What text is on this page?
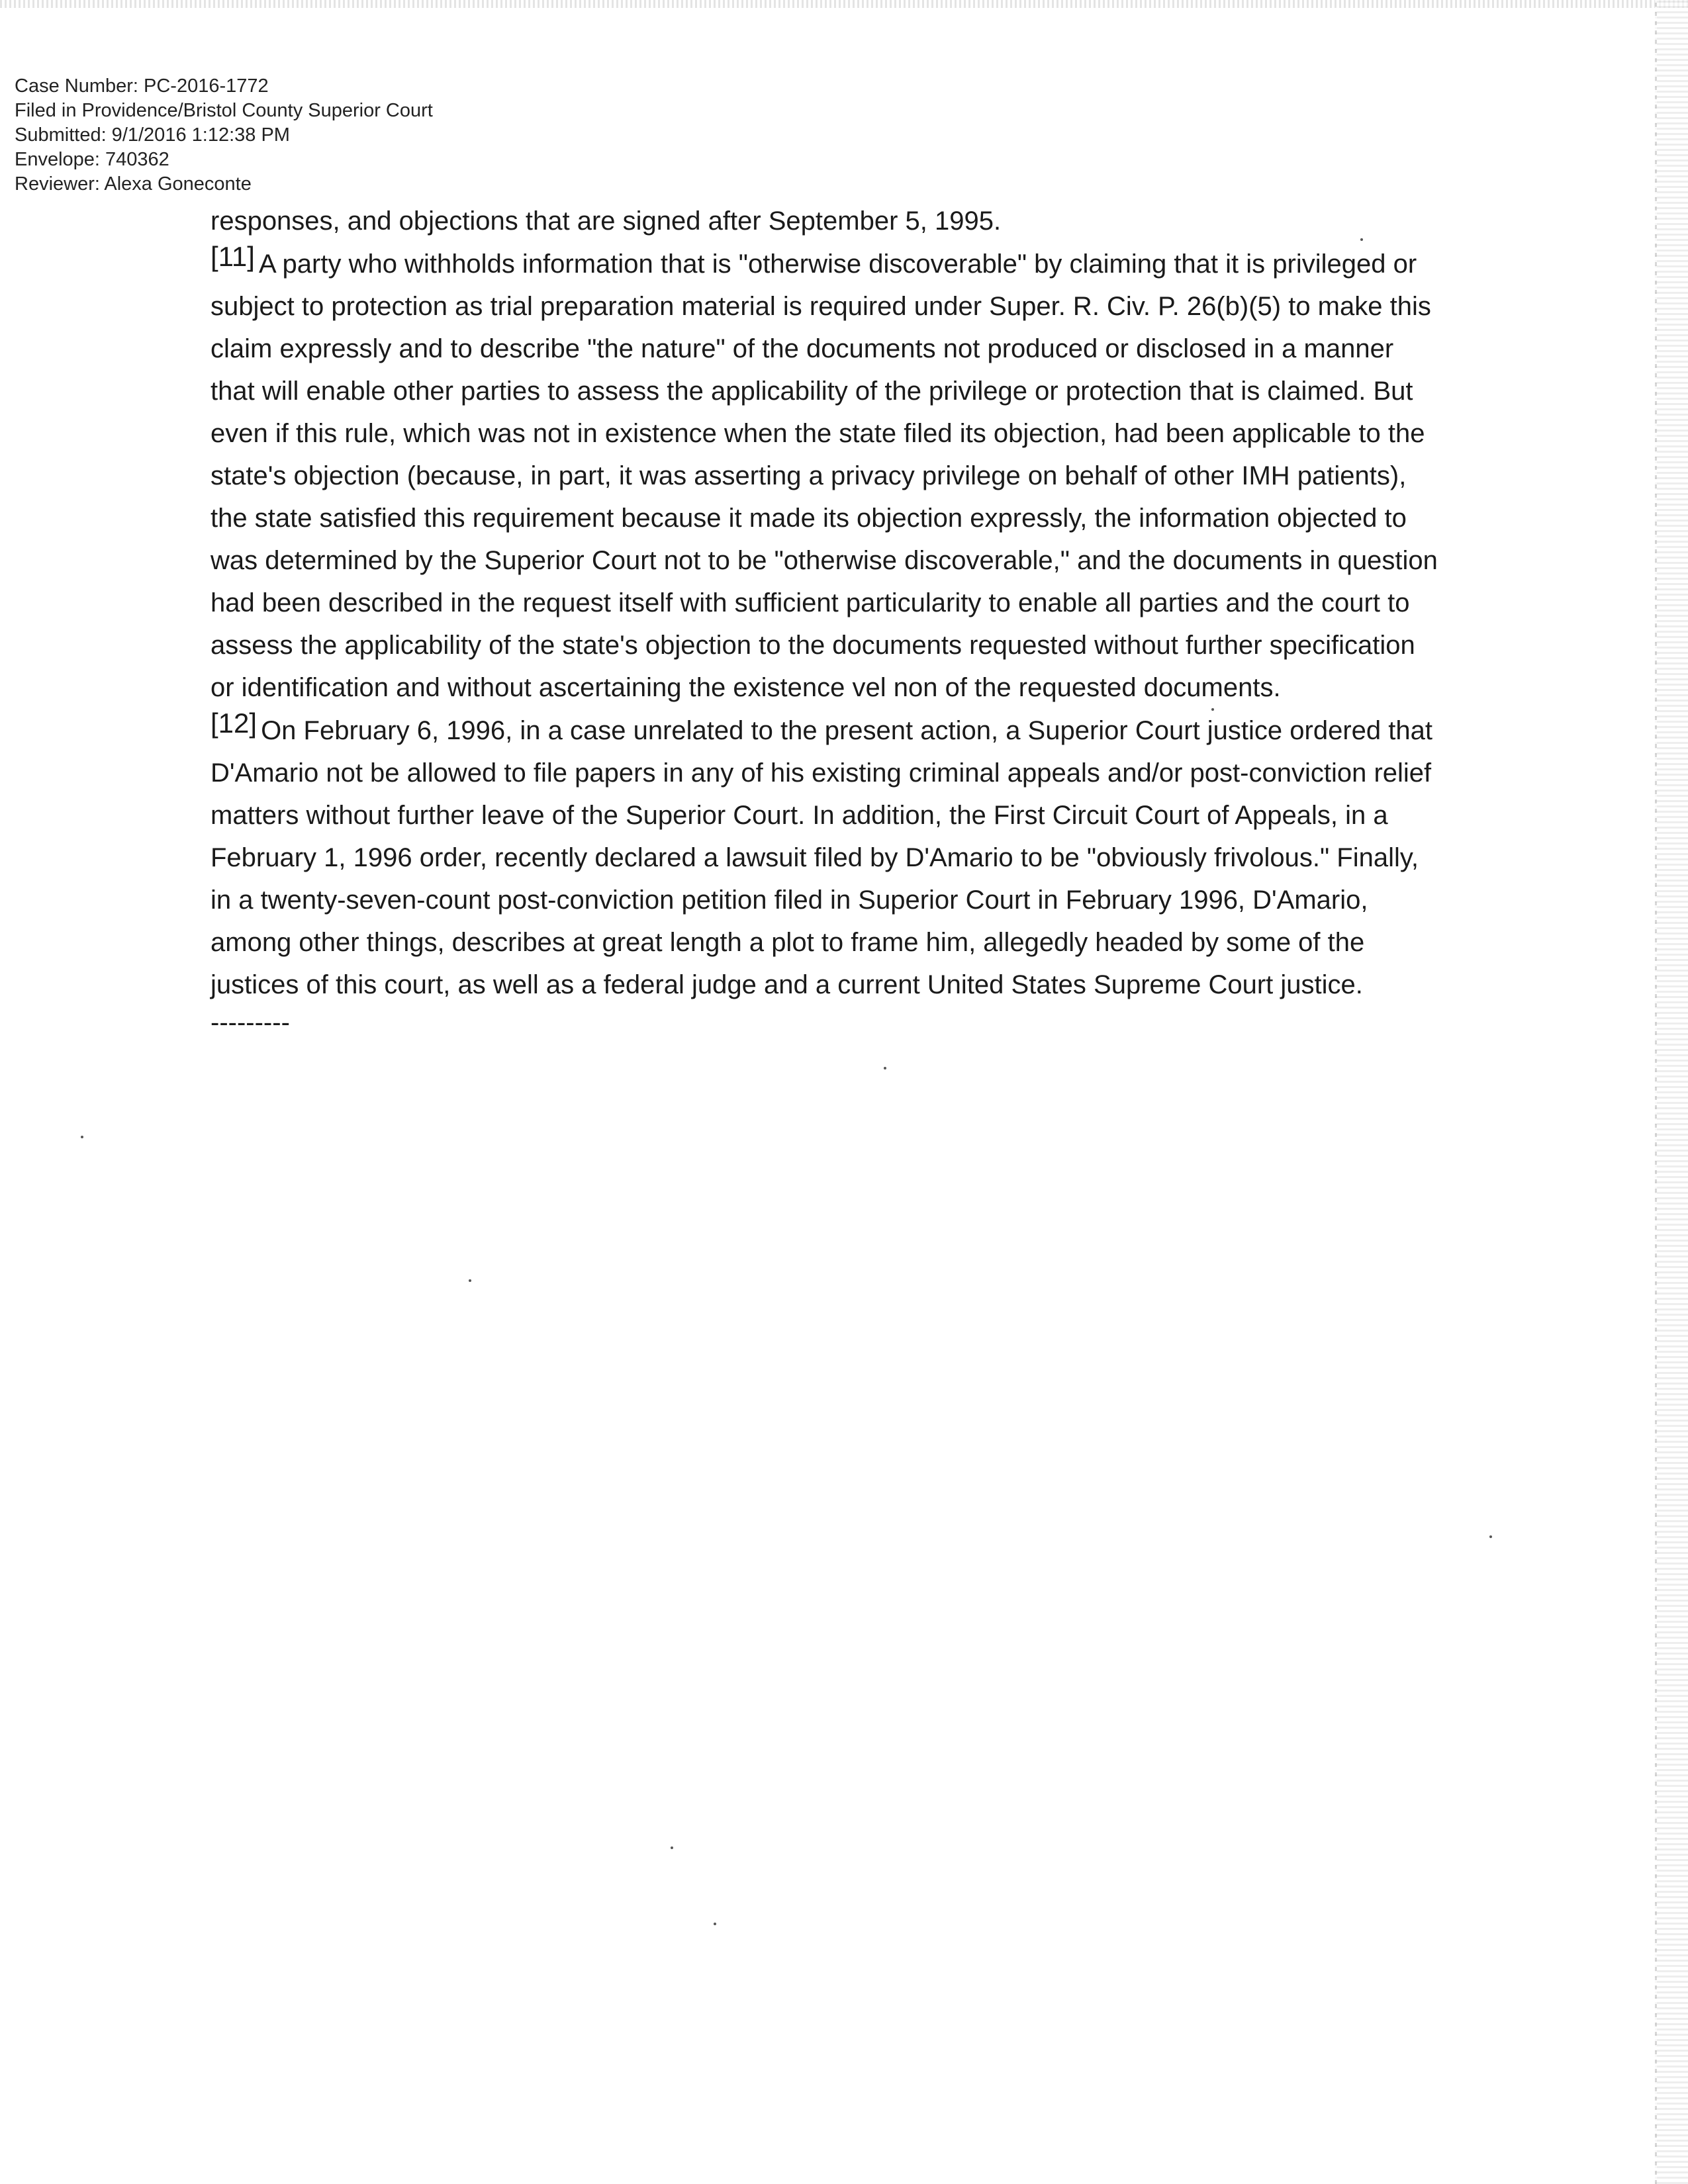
Case Number: PC-2016-1772
Filed in Providence/Bristol County Superior Court
Submitted: 9/1/2016 1:12:38 PM
Envelope: 740362
Reviewer: Alexa Goneconte

responses, and objections that are signed after September 5, 1995.

[11] A party who withholds information that is "otherwise discoverable" by claiming that it is privileged or subject to protection as trial preparation material is required under Super. R. Civ. P. 26(b)(5) to make this claim expressly and to describe "the nature" of the documents not produced or disclosed in a manner that will enable other parties to assess the applicability of the privilege or protection that is claimed. But even if this rule, which was not in existence when the state filed its objection, had been applicable to the state's objection (because, in part, it was asserting a privacy privilege on behalf of other IMH patients), the state satisfied this requirement because it made its objection expressly, the information objected to was determined by the Superior Court not to be "otherwise discoverable," and the documents in question had been described in the request itself with sufficient particularity to enable all parties and the court to assess the applicability of the state's objection to the documents requested without further specification or identification and without ascertaining the existence vel non of the requested documents.

[12] On February 6, 1996, in a case unrelated to the present action, a Superior Court justice ordered that D'Amario not be allowed to file papers in any of his existing criminal appeals and/or post-conviction relief matters without further leave of the Superior Court. In addition, the First Circuit Court of Appeals, in a February 1, 1996 order, recently declared a lawsuit filed by D'Amario to be "obviously frivolous." Finally, in a twenty-seven-count post-conviction petition filed in Superior Court in February 1996, D'Amario, among other things, describes at great length a plot to frame him, allegedly headed by some of the justices of this court, as well as a federal judge and a current United States Supreme Court justice.

---------
